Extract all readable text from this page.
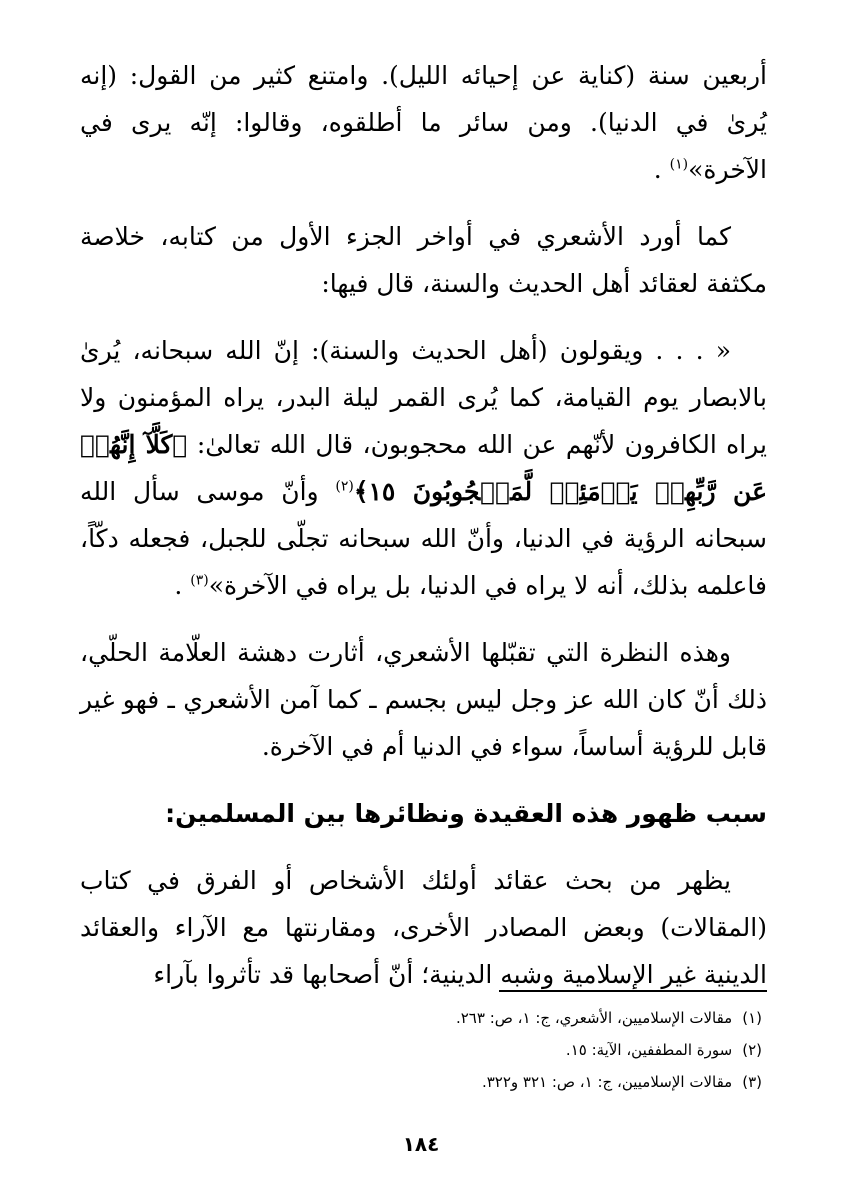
أربعين سنة (كناية عن إحيائه الليل). وامتنع كثير من القول: (إنه يُرىٰ في الدنيا). ومن سائر ما أطلقوه، وقالوا: إنّه يرى في الآخرة»$^{(١)}$ .

كما أورد الأشعري في أواخر الجزء الأول من كتابه، خلاصة مكثفة لعقائد أهل الحديث والسنة، قال فيها:

« . . . ويقولون (أهل الحديث والسنة): إنّ الله سبحانه، يُرىٰ بالابصار يوم القيامة، كما يُرى القمر ليلة البدر، يراه المؤمنون ولا يراه الكافرون لأنّهم عن الله محجوبون، قال الله تعالىٰ: ﴿كَلَّآ إِنَّهُمۡ عَن رَّبِّهِمۡ يَوۡمَئِذٖ لَّمَحۡجُوبُونَ ١٥﴾$^{(٢)}$ وأنّ موسى سأل الله سبحانه الرؤية في الدنيا، وأنّ الله سبحانه تجلّى للجبل، فجعله دكّاً، فاعلمه بذلك، أنه لا يراه في الدنيا، بل يراه في الآخرة»$^{(٣)}$ .

وهذه النظرة التي تقبّلها الأشعري، أثارت دهشة العلّامة الحلّي، ذلك أنّ كان الله عز وجل ليس بجسم ـ كما آمن الأشعري ـ فهو غير قابل للرؤية أساساً، سواء في الدنيا أم في الآخرة.

سبب ظهور هذه العقيدة ونظائرها بين المسلمين:

يظهر من بحث عقائد أولئك الأشخاص أو الفرق في كتاب (المقالات) وبعض المصادر الأخرى، ومقارنتها مع الآراء والعقائد الدينية غير الإسلامية وشبه الدينية؛ أنّ أصحابها قد تأثروا بآراء

(١)مقالات الإسلاميين، الأشعري، ج: ١، ص: ٢٦٣.
(٢)سورة المطففين، الآية: ١٥.
(٣)مقالات الإسلاميين، ج: ١، ص: ٣٢١ و٣٢٢.
١٨٤
